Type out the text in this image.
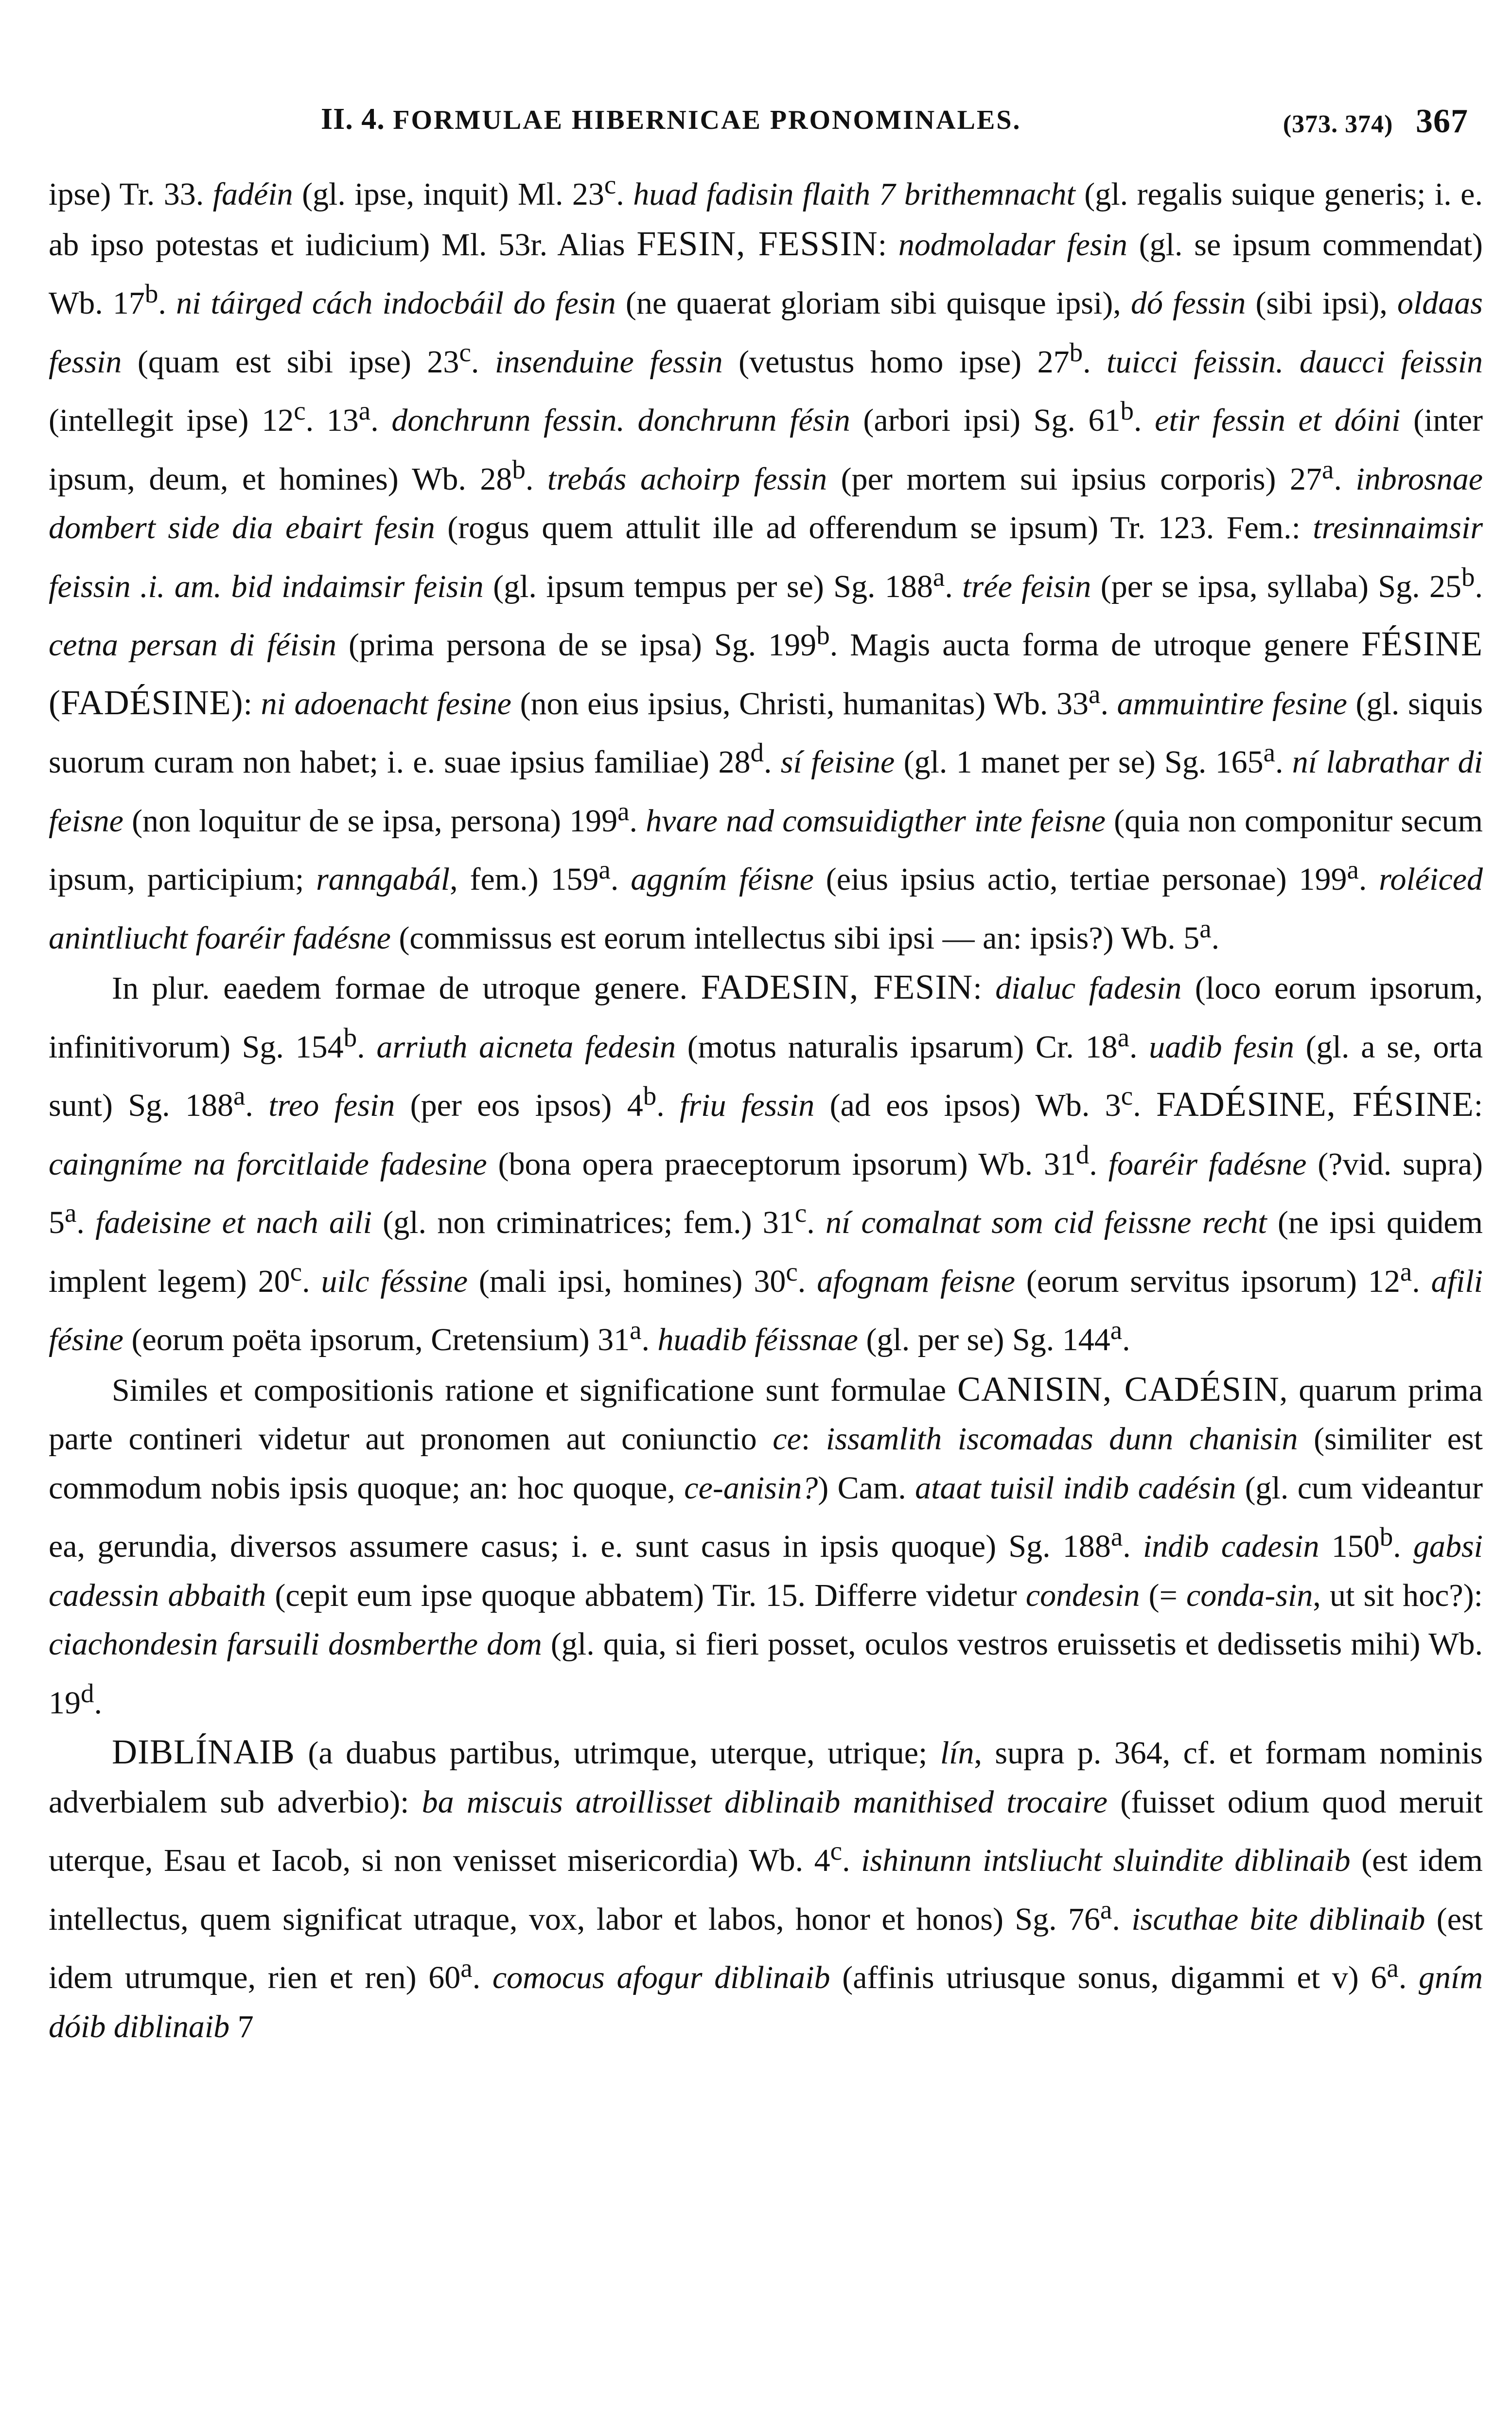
II. 4. FORMULAE HIBERNICAE PRONOMINALES.	(373. 374) 367

ipse) Tr. 33. fadéin (gl. ipse, inquit) Ml. 23$^c$. huad fadisin flaith 7 brithemnacht (gl. regalis suique generis; i. e. ab ipso potestas et iudicium) Ml. 53r. Alias FESIN, FESSIN: nodmoladar fesin (gl. se ipsum commendat) Wb. 17$^b$. ni táirged cách indocbáil do fesin (ne quaerat gloriam sibi quisque ipsi), dó fessin (sibi ipsi), oldaas fessin (quam est sibi ipse) 23$^c$. insenduine fessin (vetustus homo ipse) 27$^b$. tuicci feissin. daucci feissin (intellegit ipse) 12$^c$. 13$^a$. donchrunn fessin. donchrunn fésin (arbori ipsi) Sg. 61$^b$. etir fessin et dóini (inter ipsum, deum, et homines) Wb. 28$^b$. trebás achoirp fessin (per mortem sui ipsius corporis) 27$^a$. inbrosnae dombert side dia ebairt fesin (rogus quem attulit ille ad offerendum se ipsum) Tr. 123. Fem.: tresinnaimsir feissin .i. am. bid indaimsir feisin (gl. ipsum tempus per se) Sg. 188$^a$. trée feisin (per se ipsa, syllaba) Sg. 25$^b$. cetna persan di féisin (prima persona de se ipsa) Sg. 199$^b$. Magis aucta forma de utroque genere FÉSINE (FADÉSINE): ni adoenacht fesine (non eius ipsius, Christi, humanitas) Wb. 33$^a$. ammuintire fesine (gl. siquis suorum curam non habet; i. e. suae ipsius familiae) 28$^d$. sí feisine (gl. 1 manet per se) Sg. 165$^a$. ní labrathar di feisne (non loquitur de se ipsa, persona) 199$^a$. hvare nad comsuidigther inte feisne (quia non componitur secum ipsum, participium; ranngabál, fem.) 159$^a$. aggním féisne (eius ipsius actio, tertiae personae) 199$^a$. roléiced anintliucht foaréir fadésne (commissus est eorum intellectus sibi ipsi — an: ipsis?) Wb. 5$^a$.

In plur. eaedem formae de utroque genere. FADESIN, FESIN: dialuc fadesin (loco eorum ipsorum, infinitivorum) Sg. 154$^b$. arriuth aicneta fedesin (motus naturalis ipsarum) Cr. 18$^a$. uadib fesin (gl. a se, orta sunt) Sg. 188$^a$. treo fesin (per eos ipsos) 4$^b$. friu fessin (ad eos ipsos) Wb. 3$^c$. FADÉSINE, FÉSINE: caingníme na forcitlaide fadesine (bona opera praeceptorum ipsorum) Wb. 31$^d$. foaréir fadésne (?vid. supra) 5$^a$. fadeisine et nach aili (gl. non criminatrices; fem.) 31$^c$. ní comalnat som cid feissne recht (ne ipsi quidem implent legem) 20$^c$. uilc féssine (mali ipsi, homines) 30$^c$. afognam feisne (eorum servitus ipsorum) 12$^a$. afili fésine (eorum poëta ipsorum, Cretensium) 31$^a$. huadib féissnae (gl. per se) Sg. 144$^a$.

Similes et compositionis ratione et significatione sunt formulae CANISIN, CADÉSIN, quarum prima parte contineri videtur aut pronomen aut coniunctio ce: issamlith iscomadas dunn chanisin (similiter est commodum nobis ipsis quoque; an: hoc quoque, ce-anisin?) Cam. ataat tuisil indib cadésin (gl. cum videantur ea, gerundia, diversos assumere casus; i. e. sunt casus in ipsis quoque) Sg. 188$^a$. indib cadesin 150$^b$. gabsi cadessin abbaith (cepit eum ipse quoque abbatem) Tir. 15. Differre videtur condesin (= conda-sin, ut sit hoc?): ciachondesin farsuili dosmberthe dom (gl. quia, si fieri posset, oculos vestros eruissetis et dedissetis mihi) Wb. 19$^d$.

DIBLÍNAIB (a duabus partibus, utrimque, uterque, utrique; lín, supra p. 364, cf. et formam nominis adverbialem sub adverbio): ba miscuis atroillisset diblinaib manithised trocaire (fuisset odium quod meruit uterque, Esau et Iacob, si non venisset misericordia) Wb. 4$^c$. ishinunn intsliucht sluindite diblinaib (est idem intellectus, quem significat utraque, vox, labor et labos, honor et honos) Sg. 76$^a$. iscuthae bite diblinaib (est idem utrumque, rien et ren) 60$^a$. comocus afogur diblinaib (affinis utriusque sonus, digammi et v) 6$^a$. gním dóib diblinaib 7
